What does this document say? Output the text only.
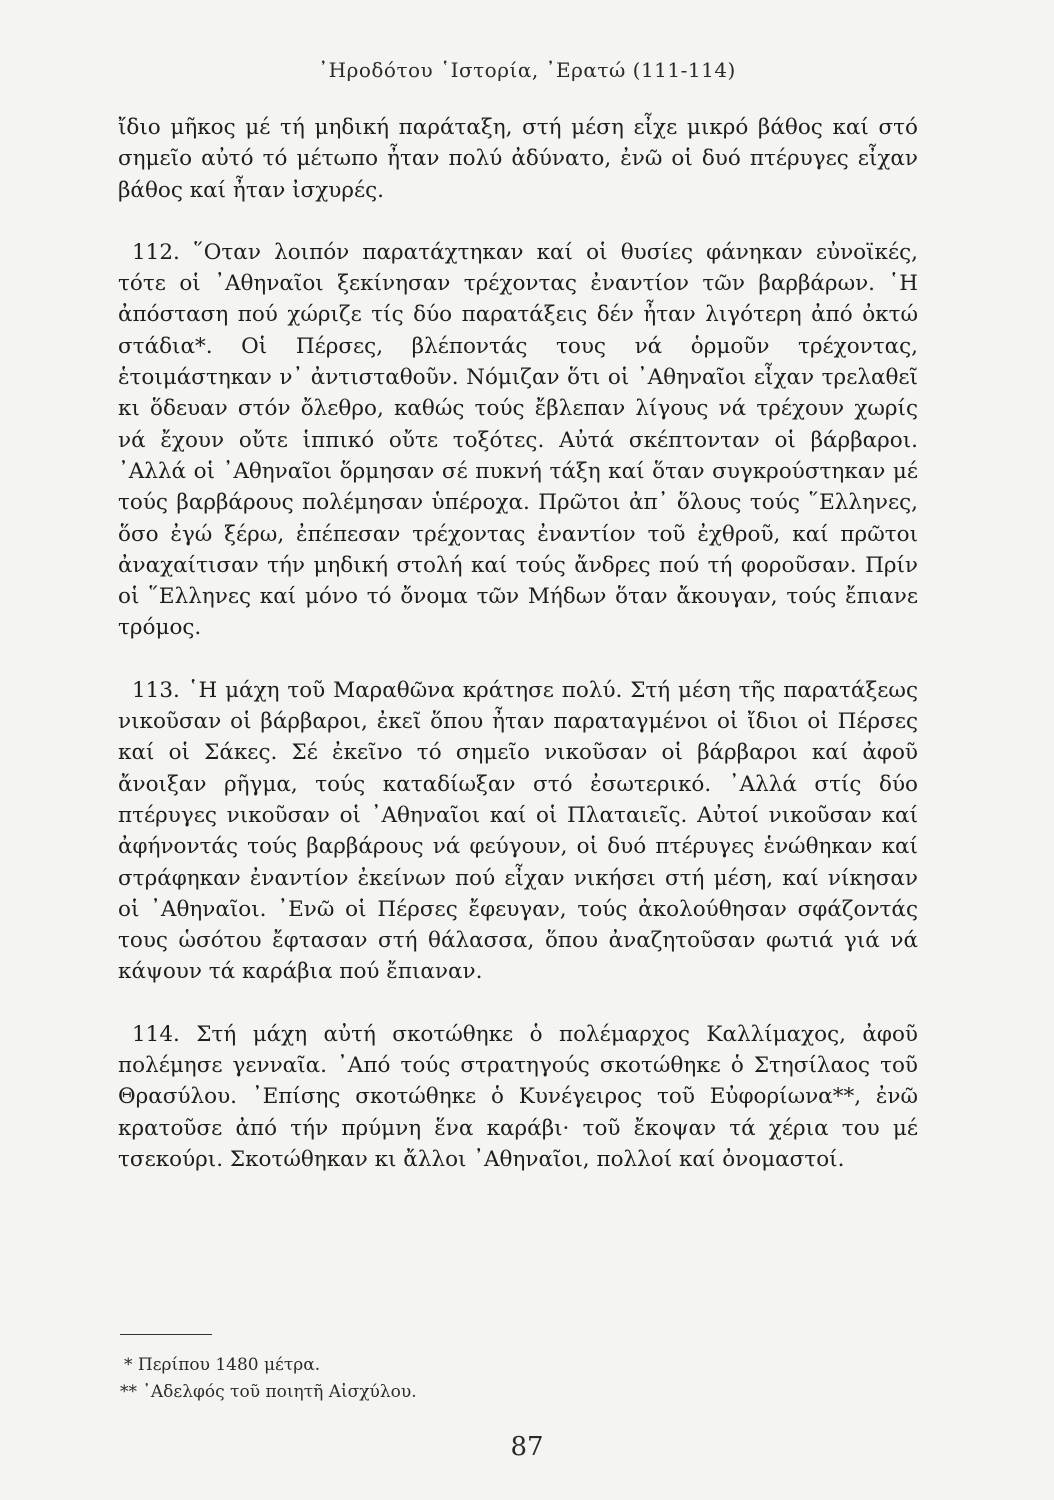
᾿Ηροδότου ῾Ιστορία, ᾿Ερατώ (111-114)

ἴδιο μῆκος μέ τή μηδική παράταξη, στή μέση εἶχε μικρό βάθος καί στό σημεῖο αὐτό τό μέτωπο ἦταν πολύ ἀδύνατο, ἐνῶ οἱ δυό πτέρυγες εἶχαν βάθος καί ἦταν ἰσχυρές.

112. ῞Οταν λοιπόν παρατάχτηκαν καί οἱ θυσίες φάνηκαν εὐνοϊκές, τότε οἱ ᾿Αθηναῖοι ξεκίνησαν τρέχοντας ἐναντίον τῶν βαρβάρων. ῾Η ἀπόσταση πού χώριζε τίς δύο παρατάξεις δέν ἦταν λιγότερη ἀπό ὀκτώ στάδια*. Οἱ Πέρσες, βλέποντάς τους νά ὁρμοῦν τρέχοντας, ἑτοιμάστηκαν ν᾿ ἀντισταθοῦν. Νόμιζαν ὅτι οἱ ᾿Αθηναῖοι εἶχαν τρελαθεῖ κι ὅδευαν στόν ὄλεθρο, καθώς τούς ἔβλεπαν λίγους νά τρέχουν χωρίς νά ἔχουν οὔτε ἱππικό οὔτε τοξότες. Αὐτά σκέπτονταν οἱ βάρβαροι. ᾿Αλλά οἱ ᾿Αθηναῖοι ὅρμησαν σέ πυκνή τάξη καί ὅταν συγκρούστηκαν μέ τούς βαρβάρους πολέμησαν ὑπέροχα. Πρῶτοι ἀπ᾿ ὅλους τούς ῞Ελληνες, ὅσο ἐγώ ξέρω, ἐπέπεσαν τρέχοντας ἐναντίον τοῦ ἐχθροῦ, καί πρῶτοι ἀναχαίτισαν τήν μηδική στολή καί τούς ἄνδρες πού τή φοροῦσαν. Πρίν οἱ ῞Ελληνες καί μόνο τό ὄνομα τῶν Μήδων ὅταν ἄκουγαν, τούς ἔπιανε τρόμος.

113. ῾Η μάχη τοῦ Μαραθῶνα κράτησε πολύ. Στή μέση τῆς παρατάξεως νικοῦσαν οἱ βάρβαροι, ἐκεῖ ὅπου ἦταν παραταγμένοι οἱ ἴδιοι οἱ Πέρσες καί οἱ Σάκες. Σέ ἐκεῖνο τό σημεῖο νικοῦσαν οἱ βάρβαροι καί ἀφοῦ ἄνοιξαν ρῆγμα, τούς καταδίωξαν στό ἐσωτερικό. ᾿Αλλά στίς δύο πτέρυγες νικοῦσαν οἱ ᾿Αθηναῖοι καί οἱ Πλαταιεῖς. Αὐτοί νικοῦσαν καί ἀφήνοντάς τούς βαρβάρους νά φεύγουν, οἱ δυό πτέρυγες ἑνώθηκαν καί στράφηκαν ἐναντίον ἐκείνων πού εἶχαν νικήσει στή μέση, καί νίκησαν οἱ ᾿Αθηναῖοι. ᾿Ενῶ οἱ Πέρσες ἔφευγαν, τούς ἀκολούθησαν σφάζοντάς τους ὡσότου ἔφτασαν στή θάλασσα, ὅπου ἀναζητοῦσαν φωτιά γιά νά κάψουν τά καράβια πού ἔπιαναν.

114. Στή μάχη αὐτή σκοτώθηκε ὁ πολέμαρχος Καλλίμαχος, ἀφοῦ πολέμησε γενναῖα. ᾿Από τούς στρατηγούς σκοτώθηκε ὁ Στησίλαος τοῦ Θρασύλου. ᾿Επίσης σκοτώθηκε ὁ Κυνέγειρος τοῦ Εὐφορίωνα**, ἐνῶ κρατοῦσε ἀπό τήν πρύμνη ἕνα καράβι· τοῦ ἔκοψαν τά χέρια του μέ τσεκούρι. Σκοτώθηκαν κι ἄλλοι ᾿Αθηναῖοι, πολλοί καί ὀνομαστοί.

* Περίπου 1480 μέτρα.
** ᾿Αδελφός τοῦ ποιητῆ Αἰσχύλου.
87
